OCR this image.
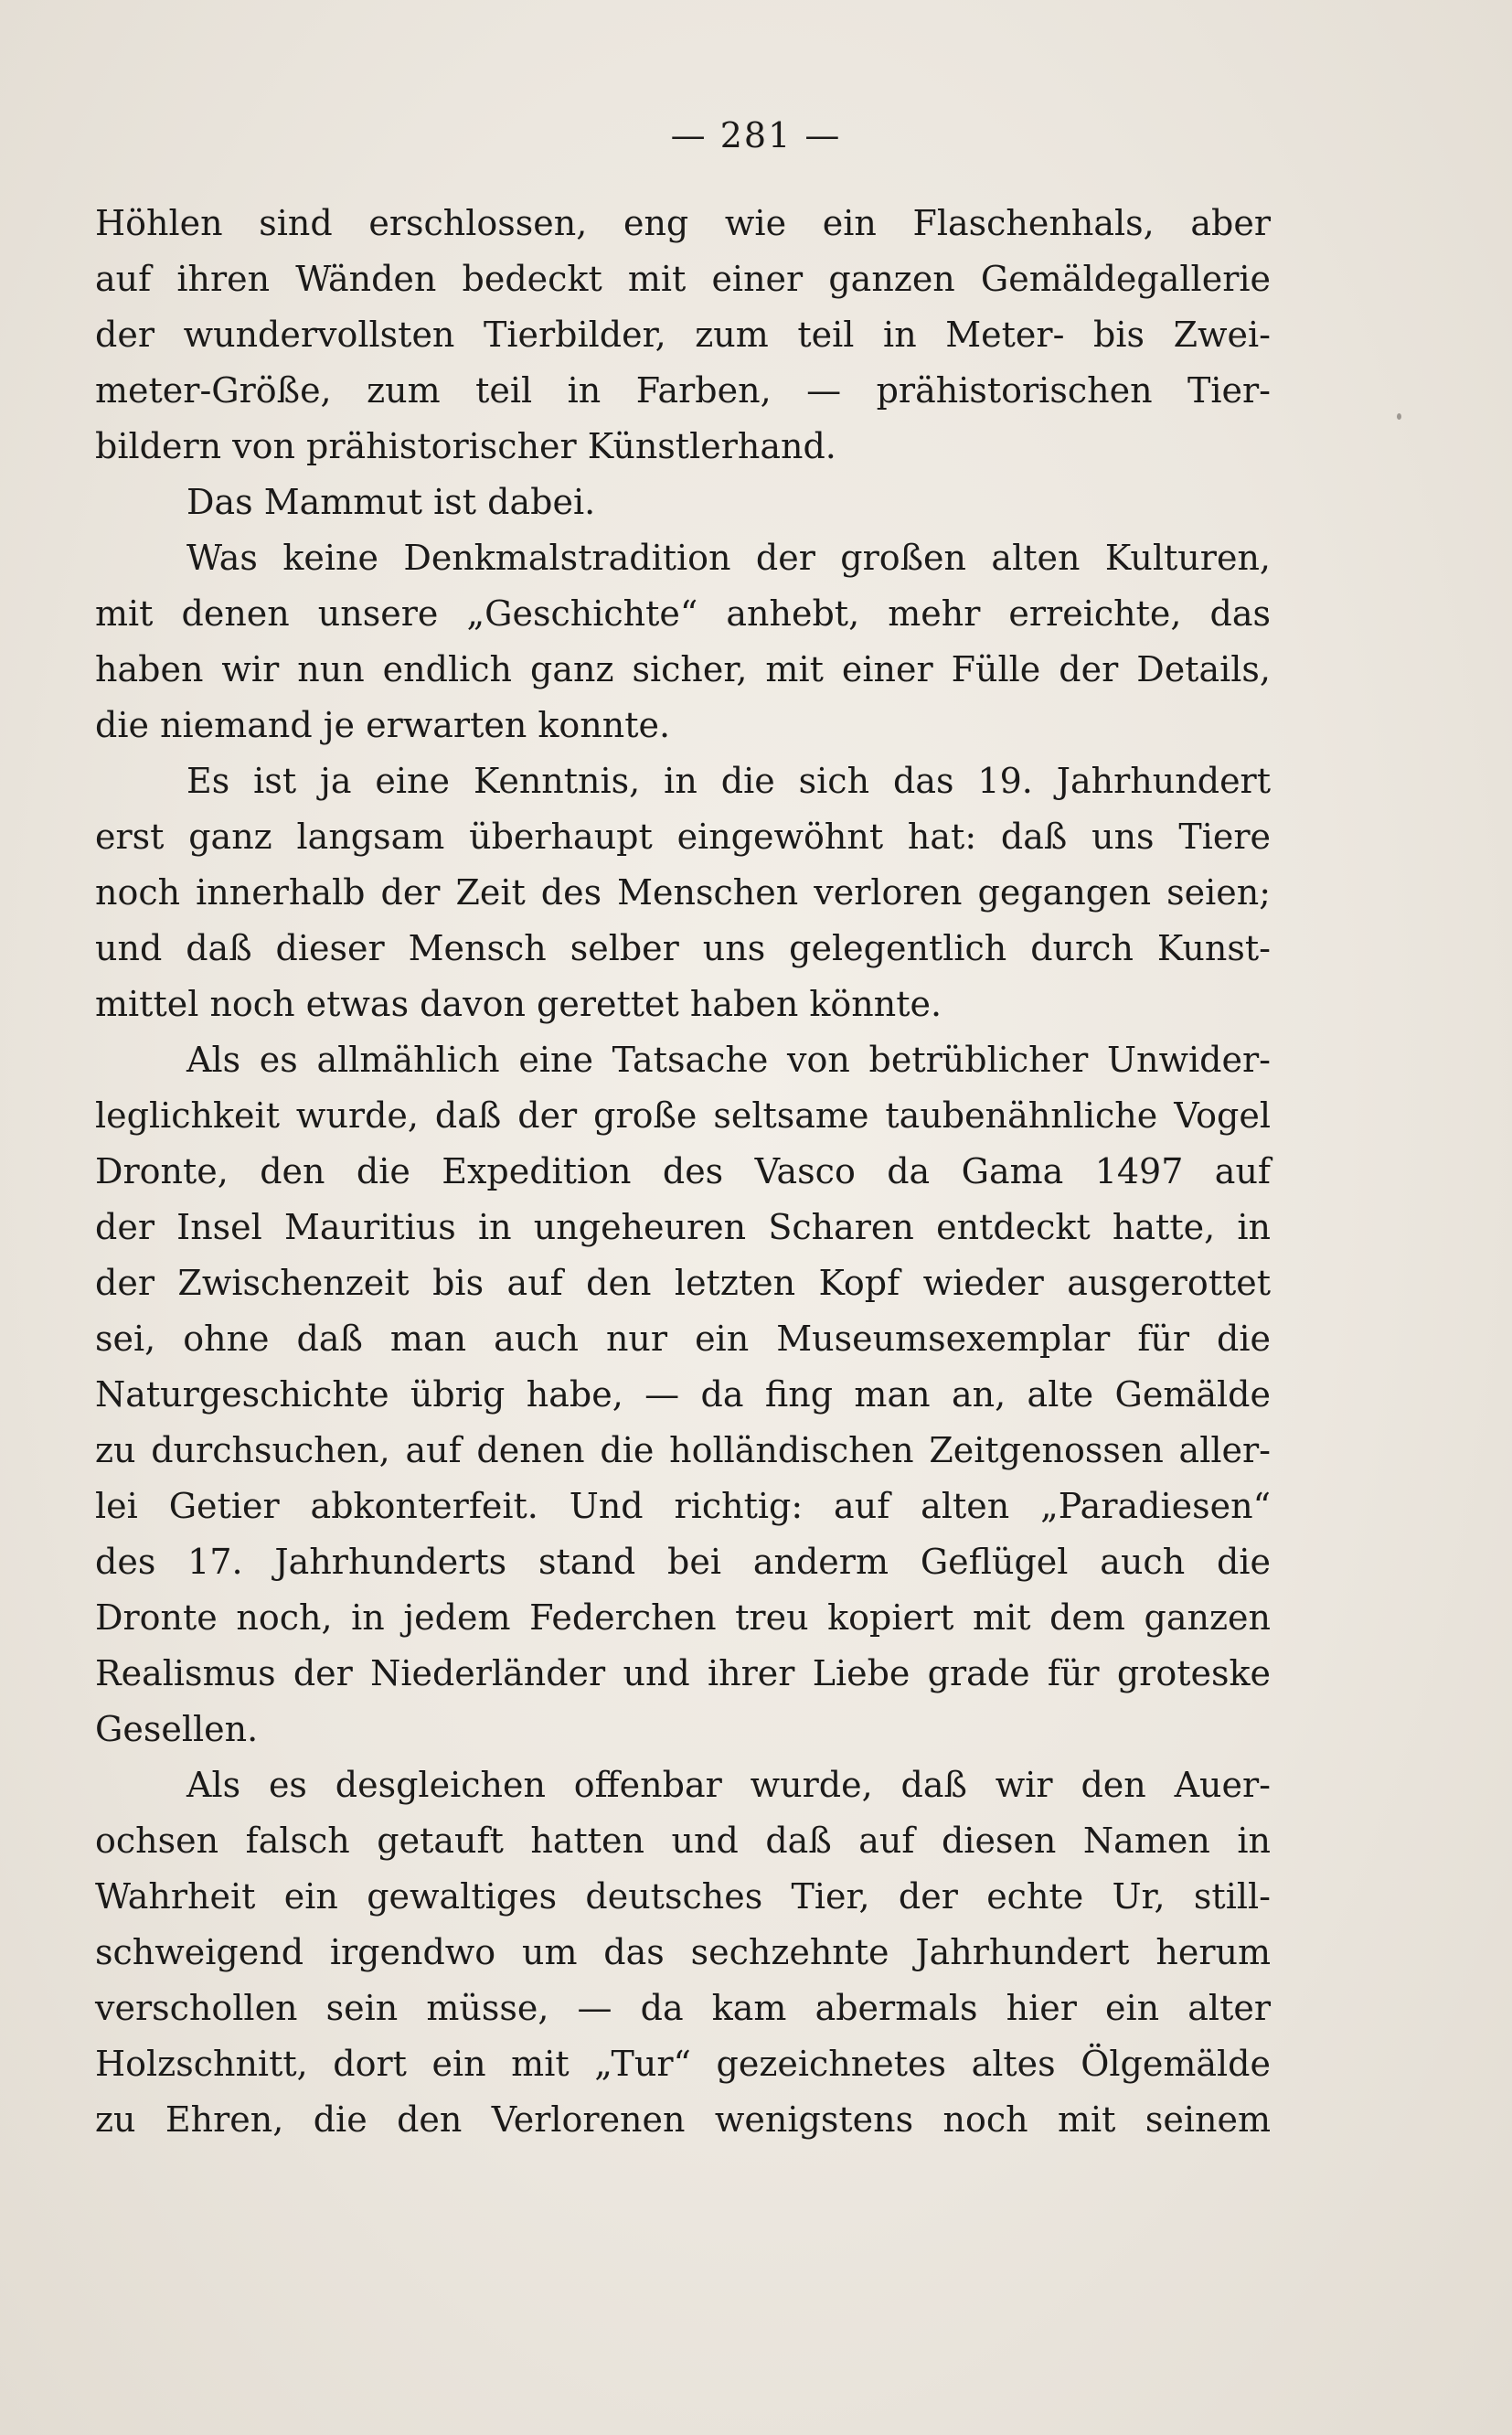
— 281 —

Höhlen sind erschlossen, eng wie ein Flaschenhals, aber
auf ihren Wänden bedeckt mit einer ganzen Gemäldegallerie
der wundervollsten Tierbilder, zum teil in Meter- bis Zwei-
meter-Größe, zum teil in Farben, — prähistorischen Tier-
bildern von prähistorischer Künstlerhand.

Das Mammut ist dabei.

Was keine Denkmalstradition der großen alten Kulturen,
mit denen unsere „Geschichte“ anhebt, mehr erreichte, das
haben wir nun endlich ganz sicher, mit einer Fülle der Details,
die niemand je erwarten konnte.

Es ist ja eine Kenntnis, in die sich das 19. Jahrhundert
erst ganz langsam überhaupt eingewöhnt hat: daß uns Tiere
noch innerhalb der Zeit des Menschen verloren gegangen seien;
und daß dieser Mensch selber uns gelegentlich durch Kunst-
mittel noch etwas davon gerettet haben könnte.

Als es allmählich eine Tatsache von betrüblicher Unwider-
leglichkeit wurde, daß der große seltsame taubenähnliche Vogel
Dronte, den die Expedition des Vasco da Gama 1497 auf
der Insel Mauritius in ungeheuren Scharen entdeckt hatte, in
der Zwischenzeit bis auf den letzten Kopf wieder ausgerottet
sei, ohne daß man auch nur ein Museumsexemplar für die
Naturgeschichte übrig habe, — da fing man an, alte Gemälde
zu durchsuchen, auf denen die holländischen Zeitgenossen aller-
lei Getier abkonterfeit. Und richtig: auf alten „Paradiesen“
des 17. Jahrhunderts stand bei anderm Geflügel auch die
Dronte noch, in jedem Federchen treu kopiert mit dem ganzen
Realismus der Niederländer und ihrer Liebe grade für groteske
Gesellen.

Als es desgleichen offenbar wurde, daß wir den Auer-
ochsen falsch getauft hatten und daß auf diesen Namen in
Wahrheit ein gewaltiges deutsches Tier, der echte Ur, still-
schweigend irgendwo um das sechzehnte Jahrhundert herum
verschollen sein müsse, — da kam abermals hier ein alter
Holzschnitt, dort ein mit „Tur“ gezeichnetes altes Ölgemälde
zu Ehren, die den Verlorenen wenigstens noch mit seinem
